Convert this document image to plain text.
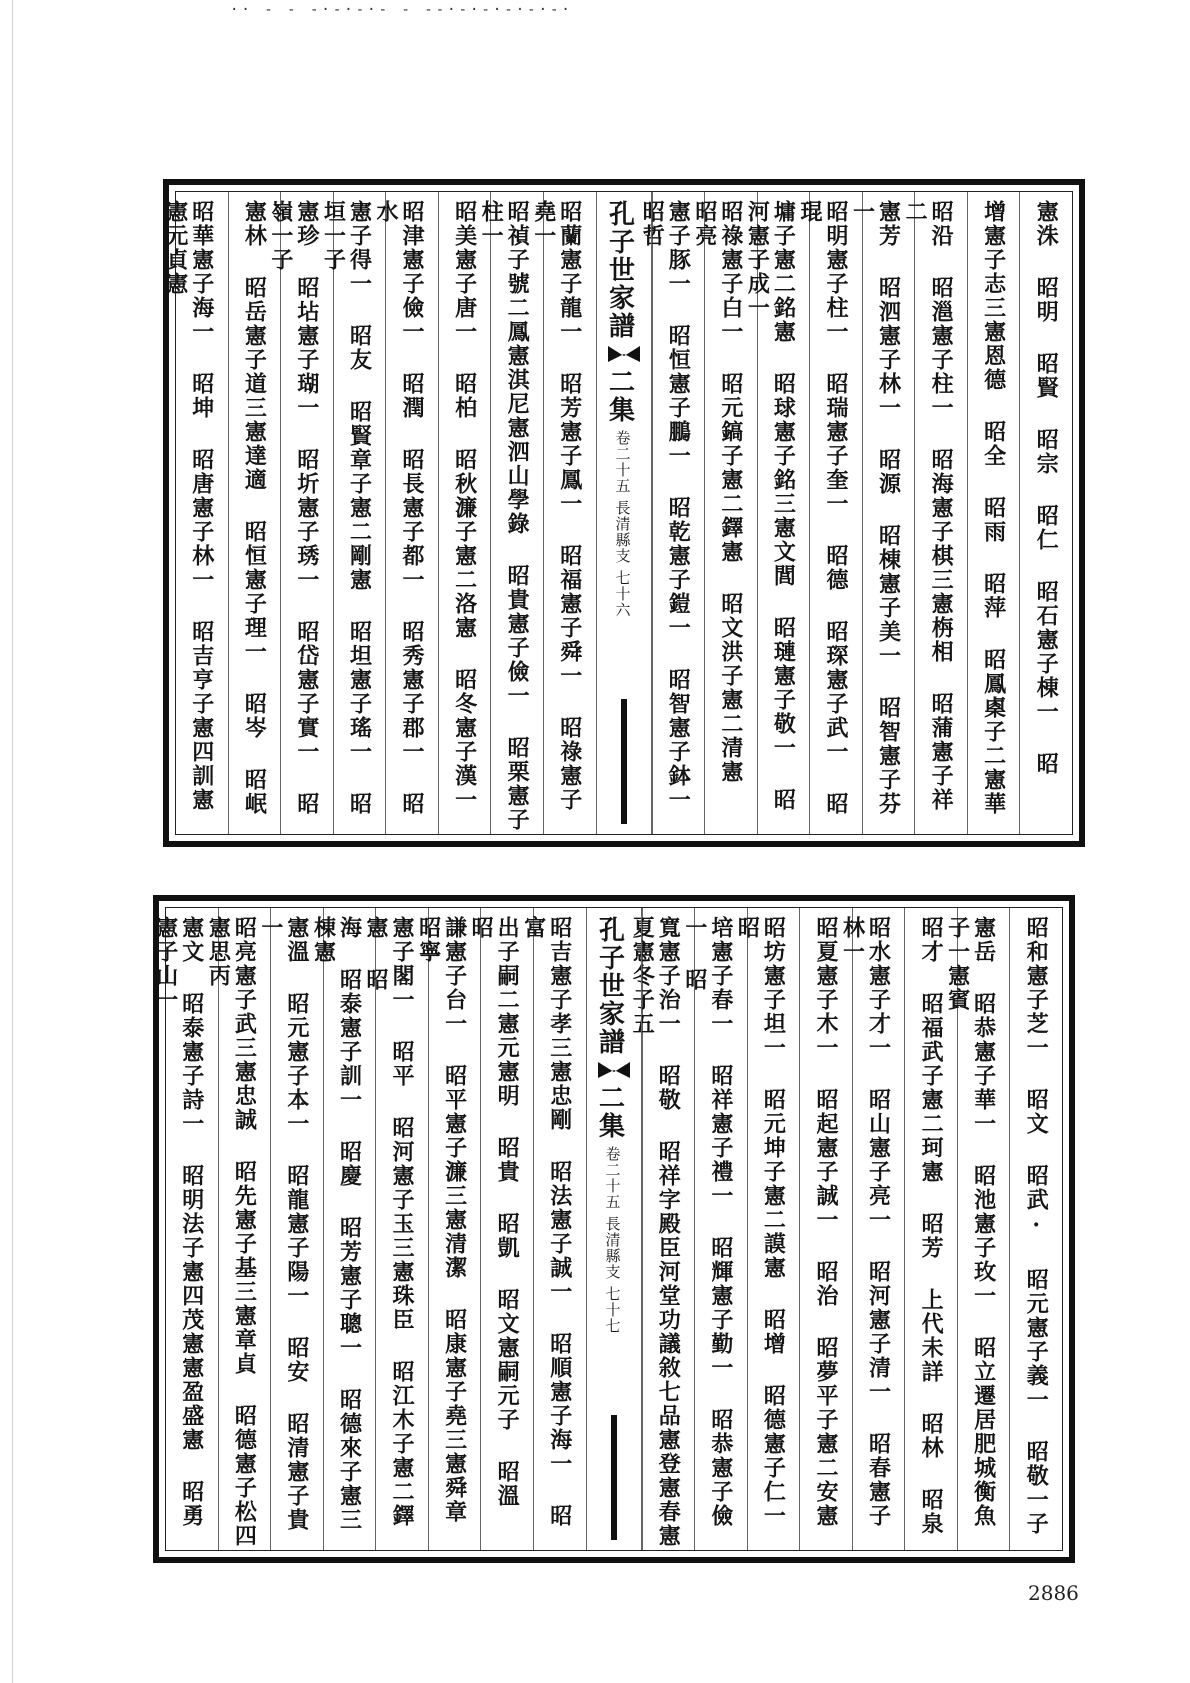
·· - - -·-·-·- - --·-·-·-·-·-·
憲洙 昭明 昭賢 昭宗 昭仁 昭石憲子棟一 昭
增憲子志三憲恩德 昭全 昭雨 昭萍 昭鳳㮚子二憲華
昭沿 昭㴩憲子柱一 昭海憲子棋三憲栴相 昭蒲憲子祥二
憲芳 昭泗憲子林一 昭源 昭棟憲子美一 昭智憲子芬一
昭明憲子柱一 昭瑞憲子奎一 昭德 昭琛憲子武一 昭琨
墉子憲二銘憲 昭球憲子銘三憲文閭 昭璉憲子敬一 昭河憲子成一
昭祿憲子白一 昭元鎬子憲二鐸憲 昭文洪子憲二清憲 昭亮
憲子豚一 昭恒憲子鵬一 昭乾憲子鎧一 昭智憲子鉢一 昭哲
孔子世家譜
二集
卷二十五
長清縣支
七十六
昭蘭憲子龍一 昭芳憲子鳳一 昭福憲子舜一 昭祿憲子堯一
昭禎子號二鳳憲淇尼憲泗山學錄 昭貴憲子儉一 昭栗憲子柱一
昭美憲子唐一 昭柏 昭秋濂子憲二洛憲 昭冬憲子漢一
昭津憲子儉一 昭潤 昭長憲子都一 昭秀憲子郡一 昭水
憲子得一 昭友 昭賢章子憲二剛憲 昭坦憲子瑤一 昭垣一子
憲珍 昭坫憲子瑚一 昭圻憲子琇一 昭岱憲子實一 昭嶺一子
憲林 昭岳憲子道三憲達適 昭恒憲子理一 昭岑 昭岷
昭華憲子海一 昭坤 昭唐憲子林一 昭吉亨子憲四訓憲憲元貞憲
昭和憲子芝一 昭文 昭武· 昭元憲子義一 昭敬一子
憲岳 昭恭憲子華一 昭池憲子玫一 昭立遷居肥城衡魚子一憲賓
昭才 昭福武子憲二珂憲 昭芳 上代未詳 昭林 昭泉
昭水憲子才一 昭山憲子亮一 昭河憲子清一 昭春憲子林一
昭夏憲子木一 昭起憲子誠一 昭治 昭夢平子憲二安憲
昭坊憲子坦一 昭元坤子憲二謨憲 昭增 昭德憲子仁一 昭
培憲子春一 昭祥憲子禮一 昭輝憲子勤一 昭恭憲子儉一 昭
寬憲子治一 昭敬 昭祥字殿臣河堂功議敘七品憲登憲春憲夏憲冬子五
孔子世家譜
二集
卷二十五
長清縣支
七十七
昭吉憲子孝三憲忠剛 昭法憲子誠一 昭順憲子海一 昭富
出子嗣二憲元憲明 昭貴 昭凱 昭文憲嗣元子 昭溫 昭
謙憲子台一 昭平憲子濂三憲清潔 昭康憲子堯三憲舜章 昭寧
憲子閣一 昭平 昭河憲子玉三憲珠臣 昭江木子憲二鐸憲 昭
海 昭泰憲子訓一 昭慶 昭芳憲子聰一 昭德來子憲三棟憲
憲溫 昭元憲子本一 昭龍憲子陽一 昭安 昭清憲子貴一
昭亮憲子武三憲忠誠 昭先憲子基三憲章貞 昭德憲子松四憲思丙
憲文 昭泰憲子詩一 昭明法子憲四茂憲憲盈盛憲 昭勇憲子山一
2886
